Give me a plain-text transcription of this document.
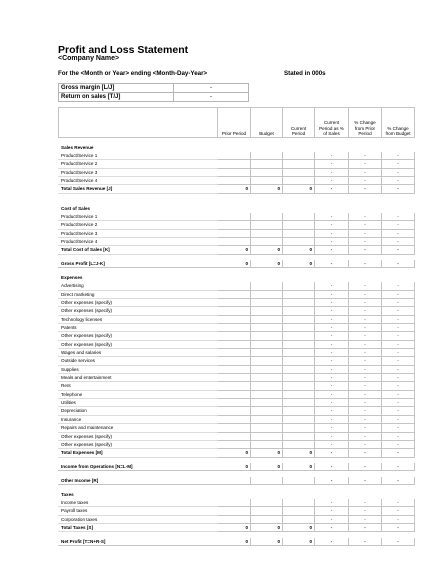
Profit and Loss Statement
<Company Name>
For the <Month or Year> ending <Month-Day-Year>	Stated in 000s
Gross margin [L/J]	-
Return on sales [T/J]	-
	Prior Period	Budget	Current Period	Current Period as % of Sales	% Change from Prior Period	% Change from Budget

Sales Revenue						
Product/Service 1				-	-	-
Product/Service 2				-	-	-
Product/Service 3				-	-	-
Product/Service 4				-	-	-
Total Sales Revenue [J]	0	0	0	-	-	-

Cost of Sales						
Product/Service 1				-	-	-
Product/Service 2				-	-	-
Product/Service 3				-	-	-
Product/Service 4				-	-	-
Total Cost of Sales [K]	0	0	0	-	-	-

Gross Profit [L=J-K]	0	0	0	-	-	-

Expenses						
Advertising				-	-	-
Direct marketing				-	-	-
Other expenses (specify)				-	-	-
Other expenses (specify)				-	-	-
Technology licenses				-	-	-
Patents				-	-	-
Other expenses (specify)				-	-	-
Other expenses (specify)				-	-	-
Wages and salaries				-	-	-
Outside services				-	-	-
Supplies				-	-	-
Meals and entertainment				-	-	-
Rent				-	-	-
Telephone				-	-	-
Utilities				-	-	-
Depreciation				-	-	-
Insurance				-	-	-
Repairs and maintenance				-	-	-
Other expenses (specify)				-	-	-
Other expenses (specify)				-	-	-
Total Expenses [M]	0	0	0	-	-	-

Income from Operations [N=L-M]	0	0	0	-	-	-

Other Income [R]				-	-	-

Taxes						
Income taxes				-	-	-
Payroll taxes				-	-	-
Corporation taxes				-	-	-
Total Taxes [S]	0	0	0	-	-	-

Net Profit [T=N+R-S]	0	0	0	-	-	-
